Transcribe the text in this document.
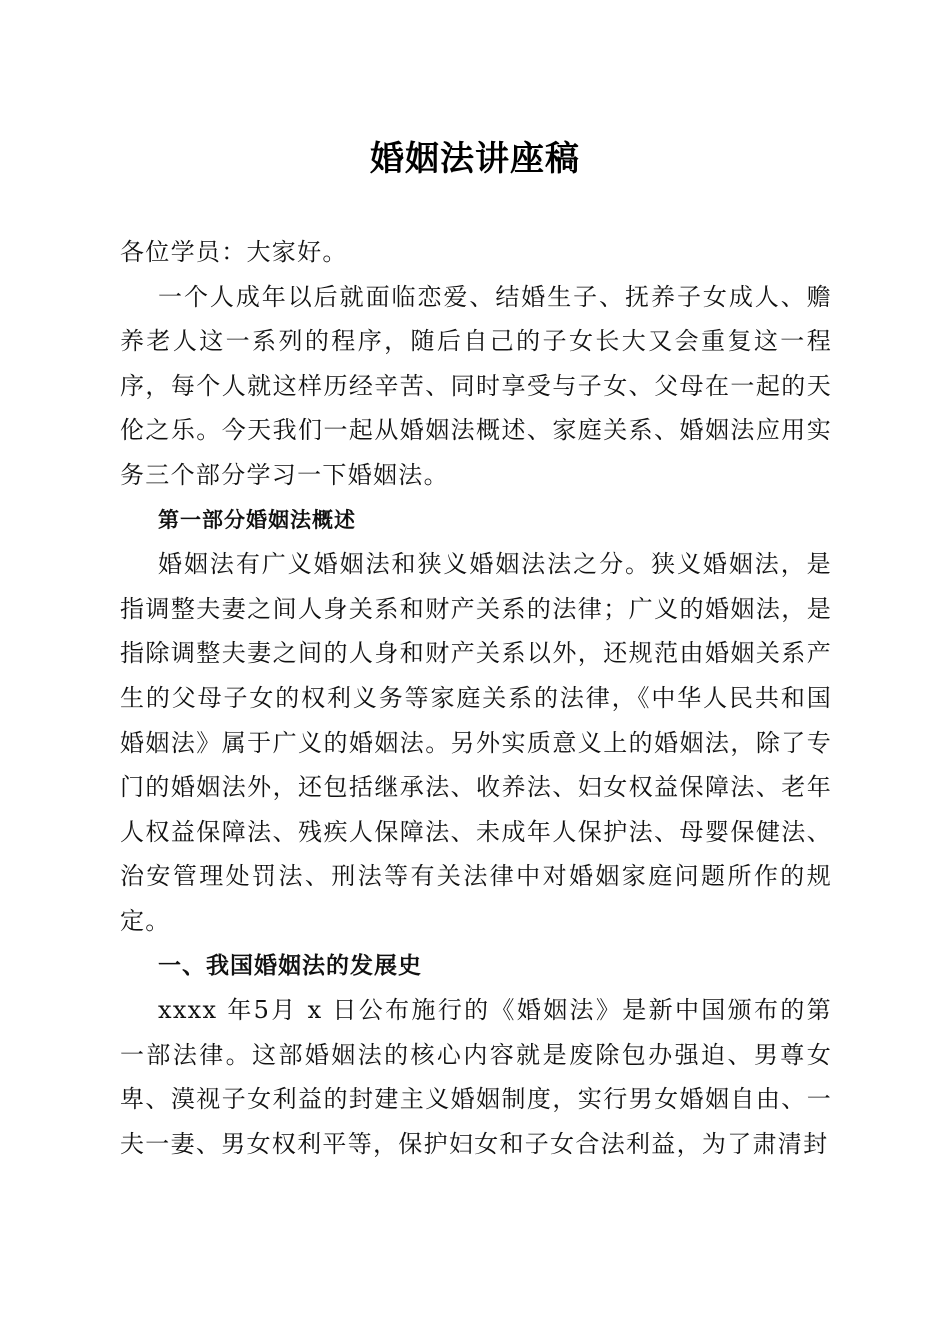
婚姻法讲座稿

各位学员：大家好。

一个人成年以后就面临恋爱、结婚生子、抚养子女成人、赡养老人这一系列的程序，随后自己的子女长大又会重复这一程序，每个人就这样历经辛苦、同时享受与子女、父母在一起的天伦之乐。今天我们一起从婚姻法概述、家庭关系、婚姻法应用实务三个部分学习一下婚姻法。

第一部分婚姻法概述

婚姻法有广义婚姻法和狭义婚姻法法之分。狭义婚姻法，是指调整夫妻之间人身关系和财产关系的法律；广义的婚姻法，是指除调整夫妻之间的人身和财产关系以外，还规范由婚姻关系产生的父母子女的权利义务等家庭关系的法律，《中华人民共和国婚姻法》属于广义的婚姻法。另外实质意义上的婚姻法，除了专门的婚姻法外，还包括继承法、收养法、妇女权益保障法、老年人权益保障法、残疾人保障法、未成年人保护法、母婴保健法、治安管理处罚法、刑法等有关法律中对婚姻家庭问题所作的规定。

一、我国婚姻法的发展史

xxxx 年5月 x 日公布施行的《婚姻法》是新中国颁布的第一部法律。这部婚姻法的核心内容就是废除包办强迫、男尊女卑、漠视子女利益的封建主义婚姻制度，实行男女婚姻自由、一夫一妻、男女权利平等，保护妇女和子女合法利益，为了肃清封
